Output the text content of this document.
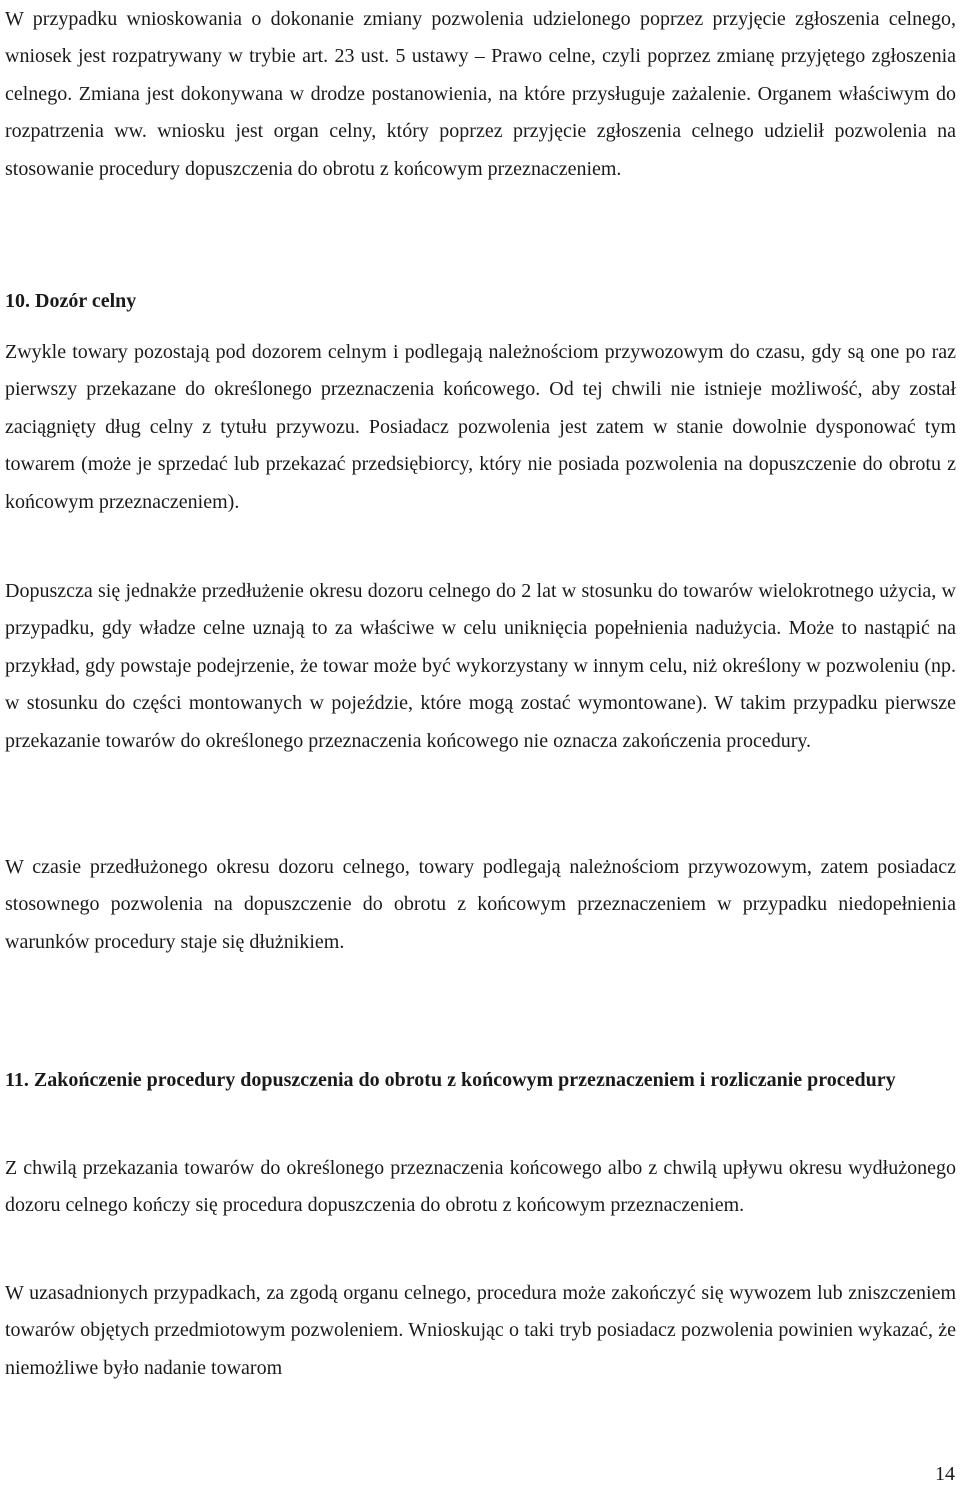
W przypadku wnioskowania o dokonanie zmiany pozwolenia udzielonego poprzez przyjęcie zgłoszenia celnego, wniosek jest rozpatrywany w trybie art. 23 ust. 5 ustawy – Prawo celne, czyli poprzez zmianę przyjętego zgłoszenia celnego. Zmiana jest dokonywana w drodze postanowienia, na które przysługuje zażalenie. Organem właściwym do rozpatrzenia ww. wniosku jest organ celny, który poprzez przyjęcie zgłoszenia celnego udzielił pozwolenia na stosowanie procedury dopuszczenia do obrotu z końcowym przeznaczeniem.

10. Dozór celny

Zwykle towary pozostają pod dozorem celnym i podlegają należnościom przywozowym do czasu, gdy są one po raz pierwszy przekazane do określonego przeznaczenia końcowego. Od tej chwili nie istnieje możliwość, aby został zaciągnięty dług celny z tytułu przywozu. Posiadacz pozwolenia jest zatem w stanie dowolnie dysponować tym towarem (może je sprzedać lub przekazać przedsiębiorcy, który nie posiada pozwolenia na dopuszczenie do obrotu z końcowym przeznaczeniem).

Dopuszcza się jednakże przedłużenie okresu dozoru celnego do 2 lat w stosunku do towarów wielokrotnego użycia, w przypadku, gdy władze celne uznają to za właściwe w celu uniknięcia popełnienia nadużycia. Może to nastąpić na przykład, gdy powstaje podejrzenie, że towar może być wykorzystany w innym celu, niż określony w pozwoleniu (np. w stosunku do części montowanych w pojeździe, które mogą zostać wymontowane). W takim przypadku pierwsze przekazanie towarów do określonego przeznaczenia końcowego nie oznacza zakończenia procedury.

W czasie przedłużonego okresu dozoru celnego, towary podlegają należnościom przywozowym, zatem posiadacz stosownego pozwolenia na dopuszczenie do obrotu z końcowym przeznaczeniem w przypadku niedopełnienia warunków procedury staje się dłużnikiem.

11. Zakończenie procedury dopuszczenia do obrotu z końcowym przeznaczeniem i rozliczanie procedury

Z chwilą przekazania towarów do określonego przeznaczenia końcowego albo z chwilą upływu okresu wydłużonego dozoru celnego kończy się procedura dopuszczenia do obrotu z końcowym przeznaczeniem.

W uzasadnionych przypadkach, za zgodą organu celnego, procedura może zakończyć się wywozem lub zniszczeniem towarów objętych przedmiotowym pozwoleniem. Wnioskując o taki tryb posiadacz pozwolenia powinien wykazać, że niemożliwe było nadanie towarom

14
